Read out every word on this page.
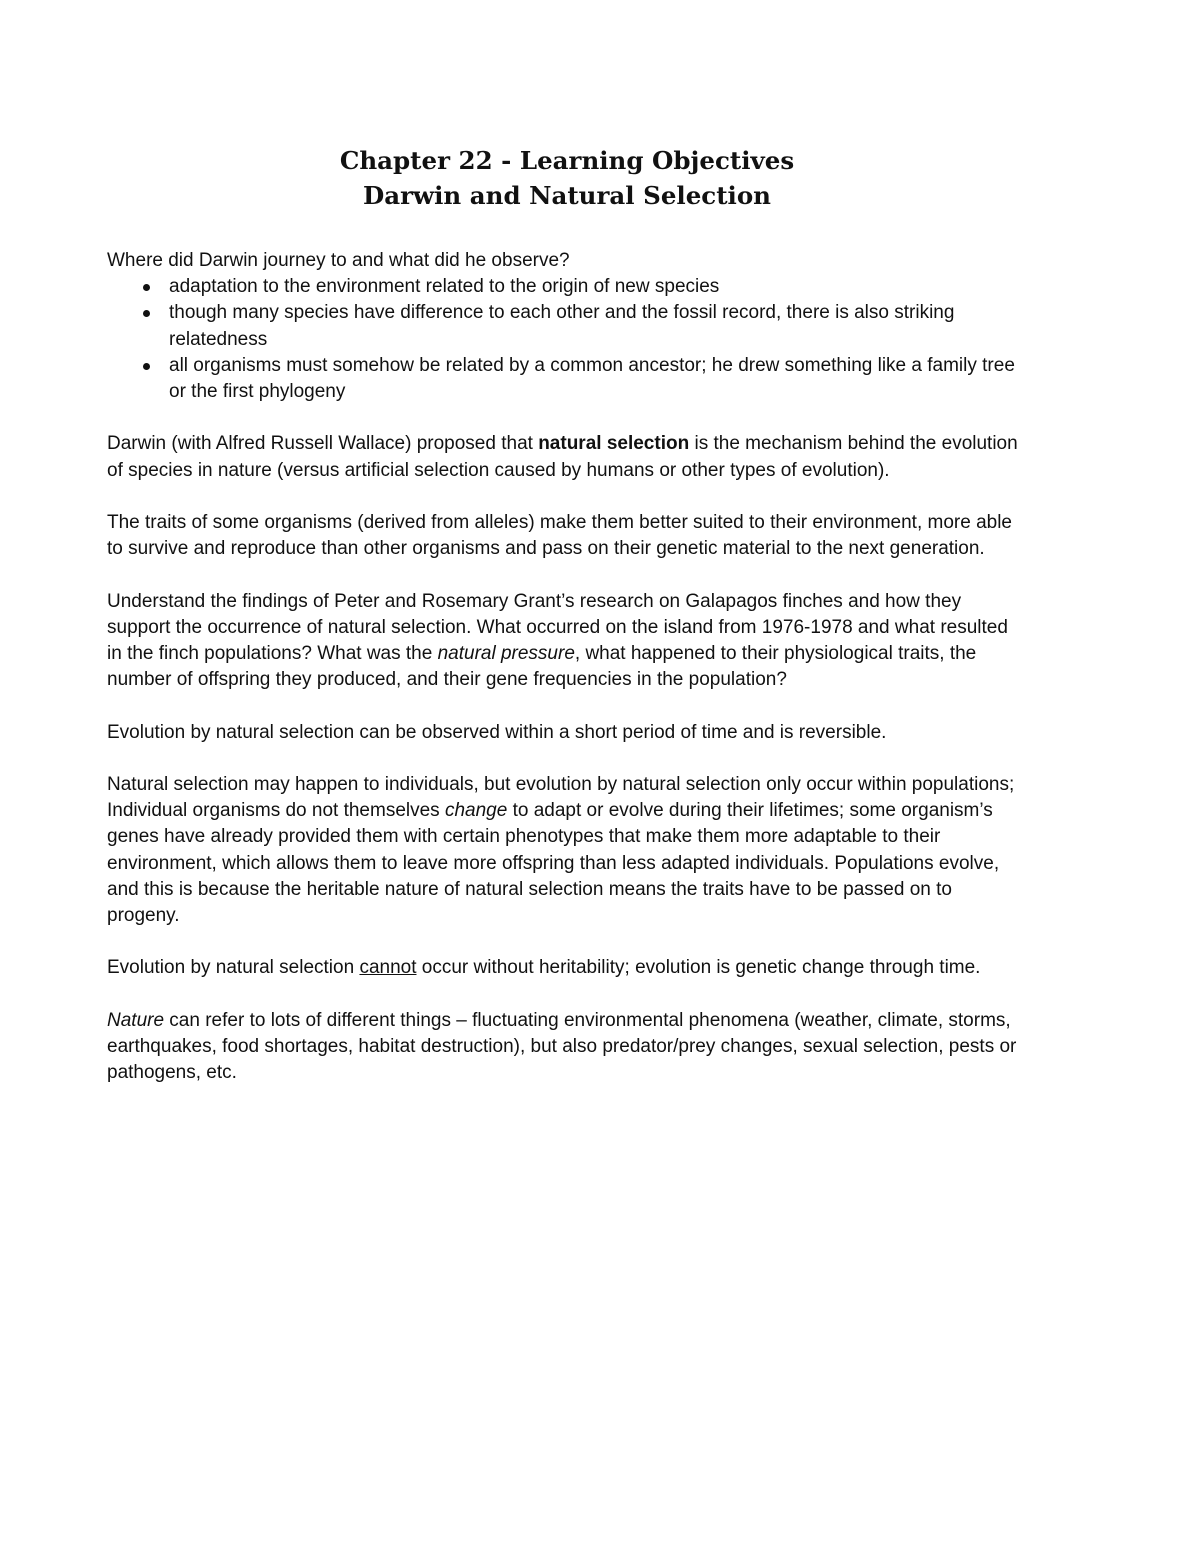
Chapter 22 - Learning Objectives
Darwin and Natural Selection

Where did Darwin journey to and what did he observe?

adaptation to the environment related to the origin of new species
though many species have difference to each other and the fossil record, there is also striking relatedness
all organisms must somehow be related by a common ancestor; he drew something like a family tree or the first phylogeny

Darwin (with Alfred Russell Wallace) proposed that natural selection is the mechanism behind the evolution of species in nature (versus artificial selection caused by humans or other types of evolution).

The traits of some organisms (derived from alleles) make them better suited to their environment, more able to survive and reproduce than other organisms and pass on their genetic material to the next generation.

Understand the findings of Peter and Rosemary Grant’s research on Galapagos finches and how they support the occurrence of natural selection. What occurred on the island from 1976-1978 and what resulted in the finch populations? What was the natural pressure, what happened to their physiological traits, the number of offspring they produced, and their gene frequencies in the population?

Evolution by natural selection can be observed within a short period of time and is reversible.

Natural selection may happen to individuals, but evolution by natural selection only occur within populations; Individual organisms do not themselves change to adapt or evolve during their lifetimes; some organism’s genes have already provided them with certain phenotypes that make them more adaptable to their environment, which allows them to leave more offspring than less adapted individuals. Populations evolve, and this is because the heritable nature of natural selection means the traits have to be passed on to progeny.

Evolution by natural selection cannot occur without heritability; evolution is genetic change through time.

Nature can refer to lots of different things – fluctuating environmental phenomena (weather, climate, storms, earthquakes, food shortages, habitat destruction), but also predator/prey changes, sexual selection, pests or pathogens, etc.
